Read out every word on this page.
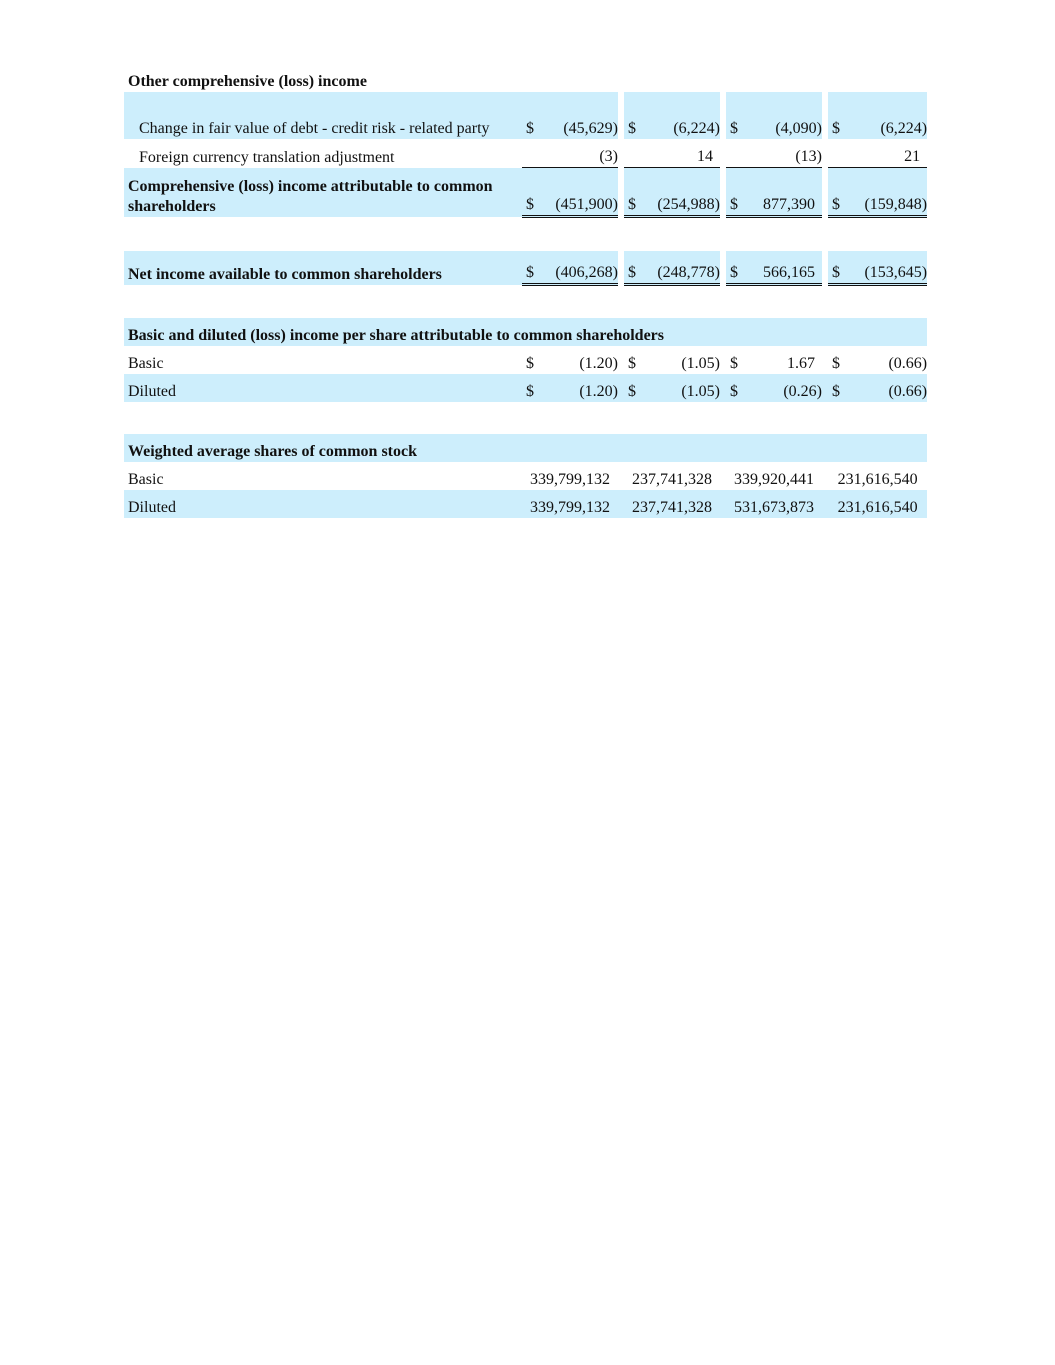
Other comprehensive (loss) income											
Change in fair value of debt - credit risk - related party	$	(45,629)		$	(6,224)		$	(4,090)		$	(6,224)
Foreign currency translation adjustment		(3)			14			(13)			21
Comprehensive (loss) income attributable to common shareholders	$	(451,900)		$	(254,988)		$	877,390		$	(159,848)

Net income available to common shareholders	$	(406,268)		$	(248,778)		$	566,165		$	(153,645)

Basic and diluted (loss) income per share attributable to common shareholders											
Basic	$	(1.20)		$	(1.05)		$	1.67		$	(0.66)
Diluted	$	(1.20)		$	(1.05)		$	(0.26)		$	(0.66)

Weighted average shares of common stock											
Basic	339,799,132			237,741,328			339,920,441			231,616,540	
Diluted	339,799,132			237,741,328			531,673,873			231,616,540	
